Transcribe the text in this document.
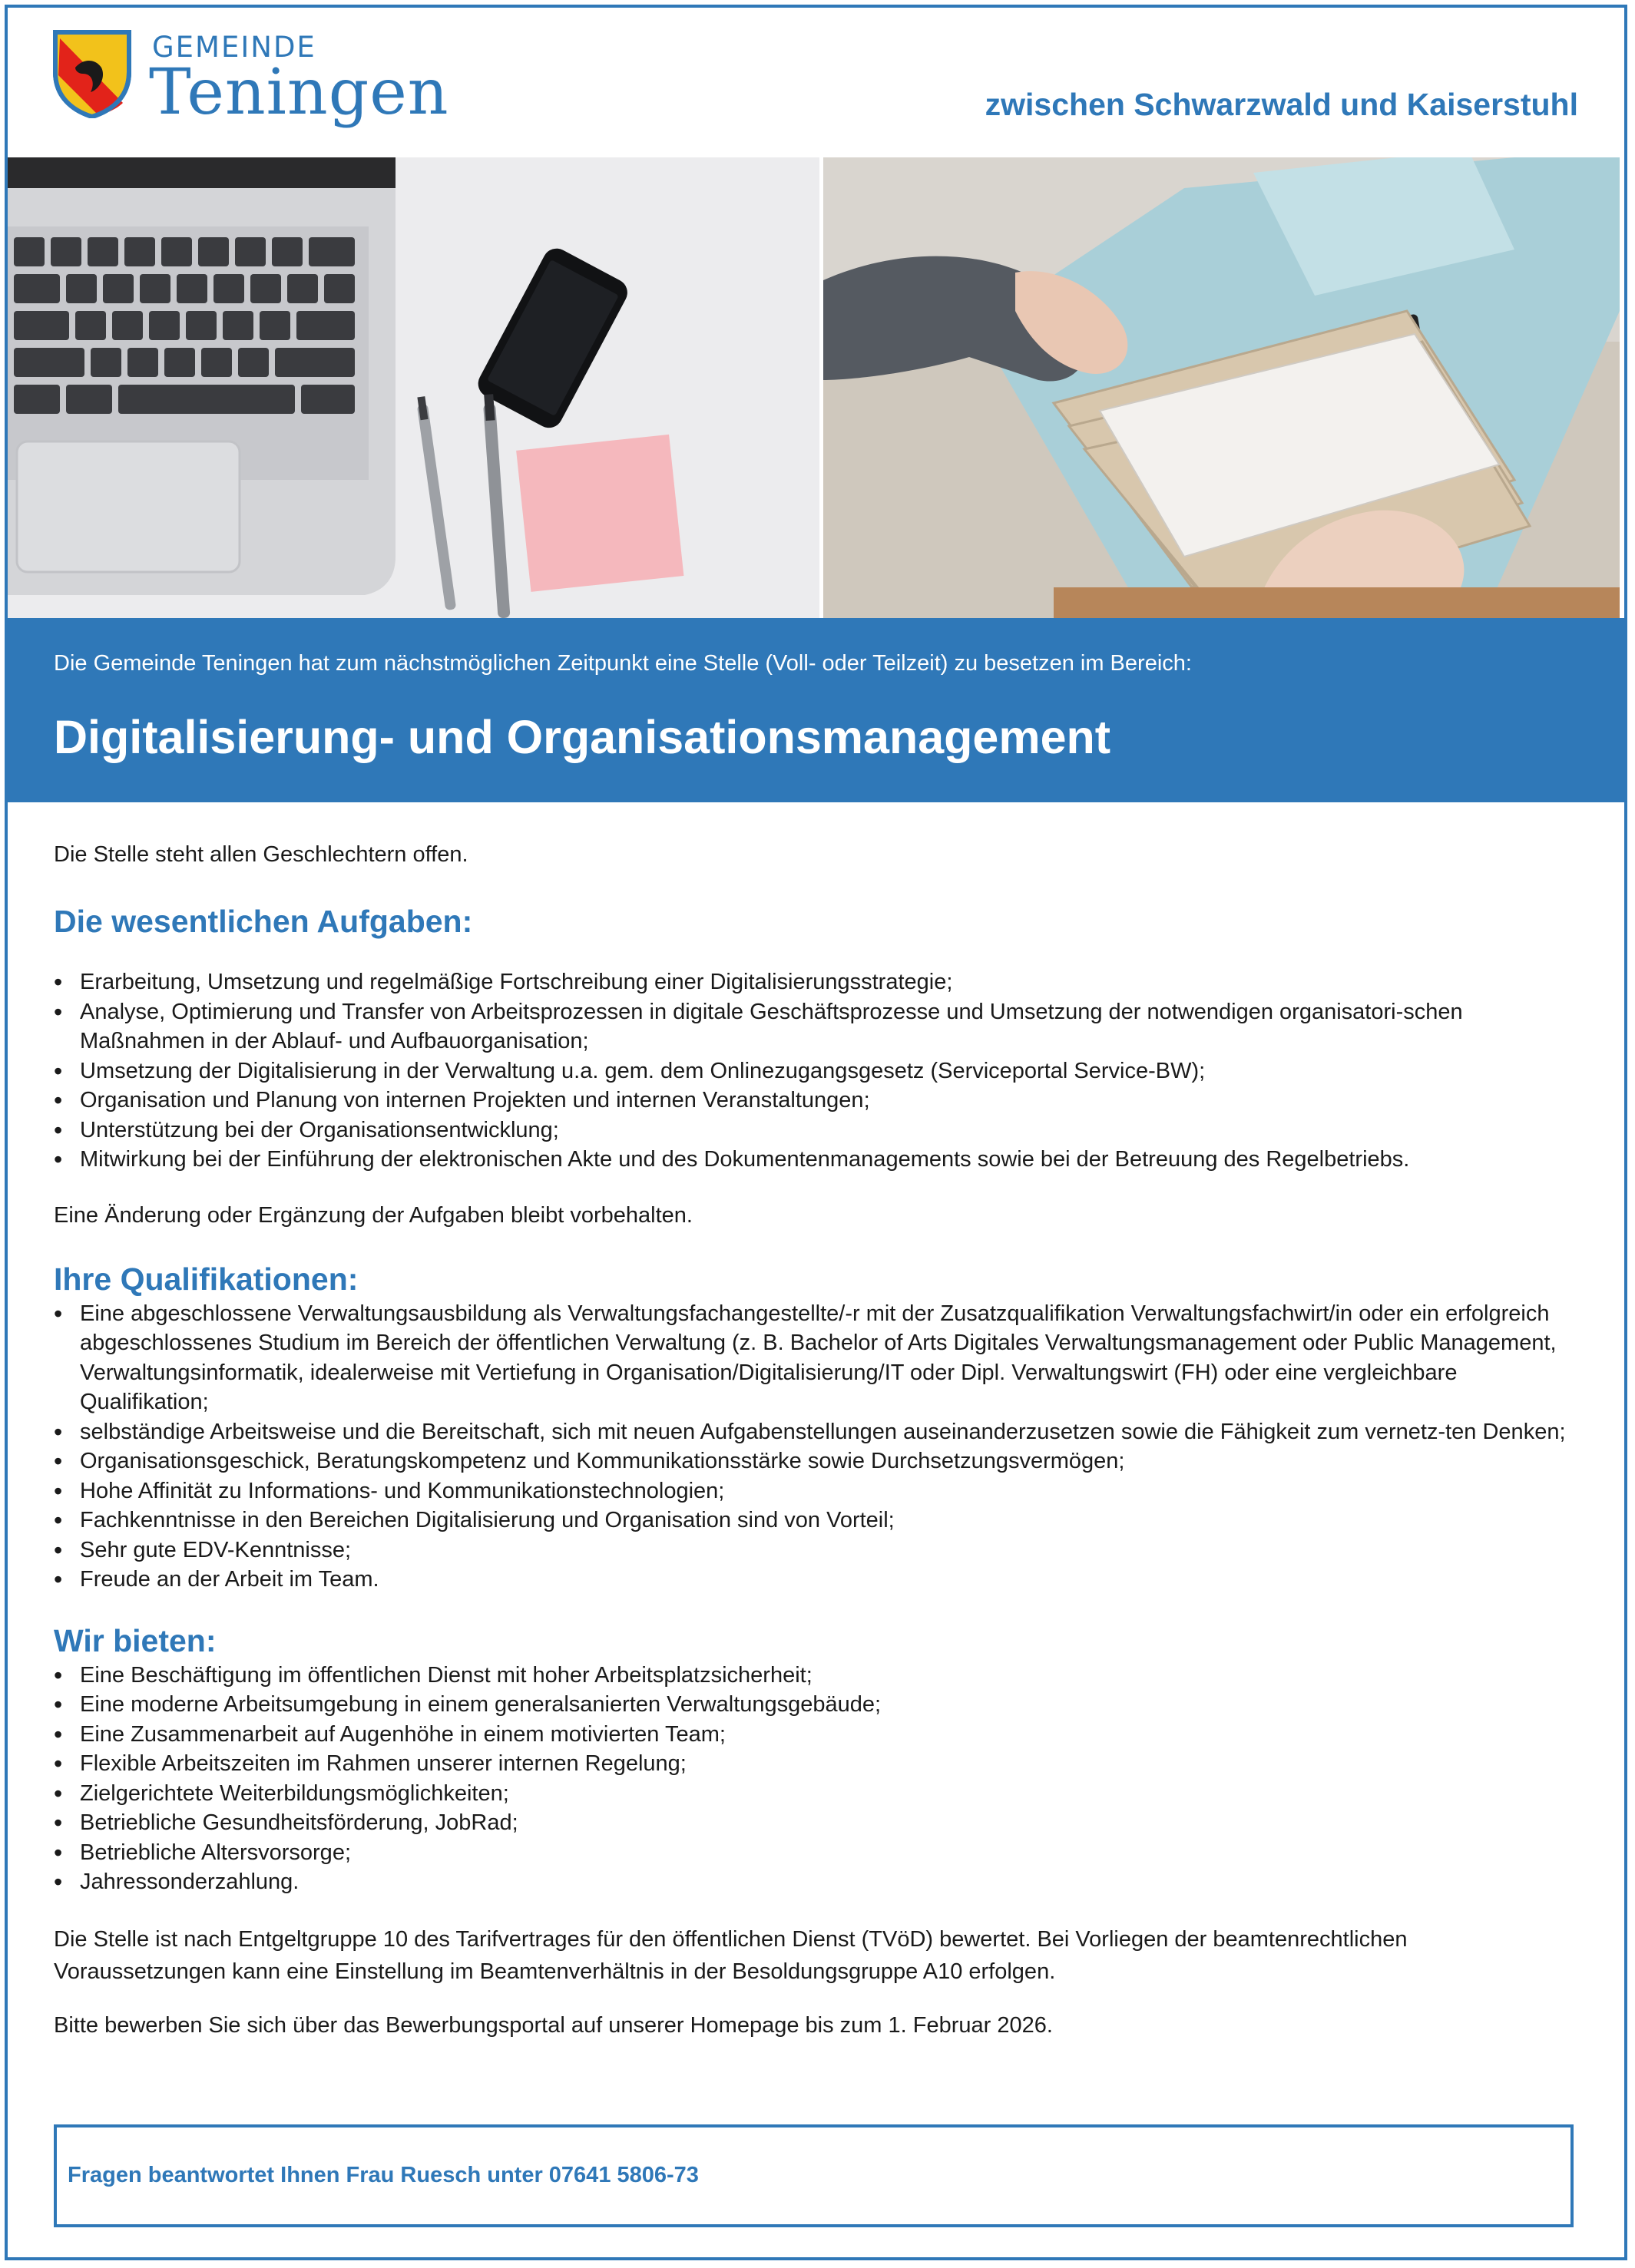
GEMEINDE
Teningen	zwischen Schwarzwald und Kaiserstuhl
Die Gemeinde Teningen hat zum nächstmöglichen Zeitpunkt eine Stelle (Voll- oder Teilzeit) zu besetzen im Bereich:
Digitalisierung- und Organisationsmanagement

Die Stelle steht allen Geschlechtern offen.

Die wesentlichen Aufgaben:
• Erarbeitung, Umsetzung und regelmäßige Fortschreibung einer Digitalisierungsstrategie;
• Analyse, Optimierung und Transfer von Arbeitsprozessen in digitale Geschäftsprozesse und Umsetzung der notwendigen organisatori-schen Maßnahmen in der Ablauf- und Aufbauorganisation;
• Umsetzung der Digitalisierung in der Verwaltung u.a. gem. dem Onlinezugangsgesetz (Serviceportal Service-BW);
• Organisation und Planung von internen Projekten und internen Veranstaltungen;
• Unterstützung bei der Organisationsentwicklung;
• Mitwirkung bei der Einführung der elektronischen Akte und des Dokumentenmanagements sowie bei der Betreuung des Regelbetriebs.

Eine Änderung oder Ergänzung der Aufgaben bleibt vorbehalten.

Ihre Qualifikationen:
• Eine abgeschlossene Verwaltungsausbildung als Verwaltungsfachangestellte/-r mit der Zusatzqualifikation Verwaltungsfachwirt/in oder ein erfolgreich abgeschlossenes Studium im Bereich der öffentlichen Verwaltung (z. B. Bachelor of Arts Digitales Verwaltungsmanagement oder Public Management, Verwaltungsinformatik, idealerweise mit Vertiefung in Organisation/Digitalisierung/IT oder Dipl. Verwaltungswirt (FH) oder eine vergleichbare Qualifikation;
• selbständige Arbeitsweise und die Bereitschaft, sich mit neuen Aufgabenstellungen auseinanderzusetzen sowie die Fähigkeit zum vernetz-ten Denken;
• Organisationsgeschick, Beratungskompetenz und Kommunikationsstärke sowie Durchsetzungsvermögen;
• Hohe Affinität zu Informations- und Kommunikationstechnologien;
• Fachkenntnisse in den Bereichen Digitalisierung und Organisation sind von Vorteil;
• Sehr gute EDV-Kenntnisse;
• Freude an der Arbeit im Team.
Wir bieten:
• Eine Beschäftigung im öffentlichen Dienst mit hoher Arbeitsplatzsicherheit;
• Eine moderne Arbeitsumgebung in einem generalsanierten Verwaltungsgebäude;
• Eine Zusammenarbeit auf Augenhöhe in einem motivierten Team;
• Flexible Arbeitszeiten im Rahmen unserer internen Regelung;
• Zielgerichtete Weiterbildungsmöglichkeiten;
• Betriebliche Gesundheitsförderung, JobRad;
• Betriebliche Altersvorsorge;
• Jahressonderzahlung.

Die Stelle ist nach Entgeltgruppe 10 des Tarifvertrages für den öffentlichen Dienst (TVöD) bewertet. Bei Vorliegen der beamtenrechtlichen Voraussetzungen kann eine Einstellung im Beamtenverhältnis in der Besoldungsgruppe A10 erfolgen.

Bitte bewerben Sie sich über das Bewerbungsportal auf unserer Homepage bis zum 1. Februar 2026.

Fragen beantwortet Ihnen Frau Ruesch unter 07641 5806-73
